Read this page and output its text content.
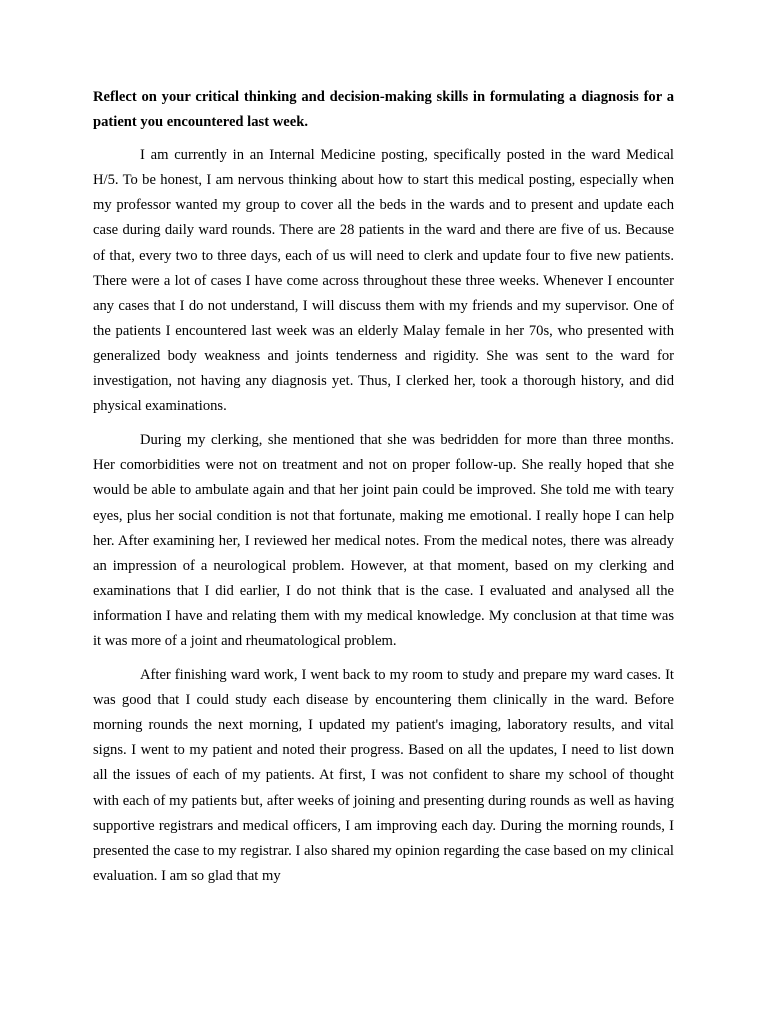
Reflect on your critical thinking and decision-making skills in formulating a diagnosis for a patient you encountered last week.

I am currently in an Internal Medicine posting, specifically posted in the ward Medical H/5. To be honest, I am nervous thinking about how to start this medical posting, especially when my professor wanted my group to cover all the beds in the wards and to present and update each case during daily ward rounds. There are 28 patients in the ward and there are five of us. Because of that, every two to three days, each of us will need to clerk and update four to five new patients. There were a lot of cases I have come across throughout these three weeks. Whenever I encounter any cases that I do not understand, I will discuss them with my friends and my supervisor. One of the patients I encountered last week was an elderly Malay female in her 70s, who presented with generalized body weakness and joints tenderness and rigidity. She was sent to the ward for investigation, not having any diagnosis yet. Thus, I clerked her, took a thorough history, and did physical examinations.

During my clerking, she mentioned that she was bedridden for more than three months. Her comorbidities were not on treatment and not on proper follow-up. She really hoped that she would be able to ambulate again and that her joint pain could be improved. She told me with teary eyes, plus her social condition is not that fortunate, making me emotional. I really hope I can help her. After examining her, I reviewed her medical notes. From the medical notes, there was already an impression of a neurological problem. However, at that moment, based on my clerking and examinations that I did earlier, I do not think that is the case. I evaluated and analysed all the information I have and relating them with my medical knowledge. My conclusion at that time was it was more of a joint and rheumatological problem.

After finishing ward work, I went back to my room to study and prepare my ward cases. It was good that I could study each disease by encountering them clinically in the ward. Before morning rounds the next morning, I updated my patient's imaging, laboratory results, and vital signs. I went to my patient and noted their progress. Based on all the updates, I need to list down all the issues of each of my patients. At first, I was not confident to share my school of thought with each of my patients but, after weeks of joining and presenting during rounds as well as having supportive registrars and medical officers, I am improving each day. During the morning rounds, I presented the case to my registrar. I also shared my opinion regarding the case based on my clinical evaluation. I am so glad that my
